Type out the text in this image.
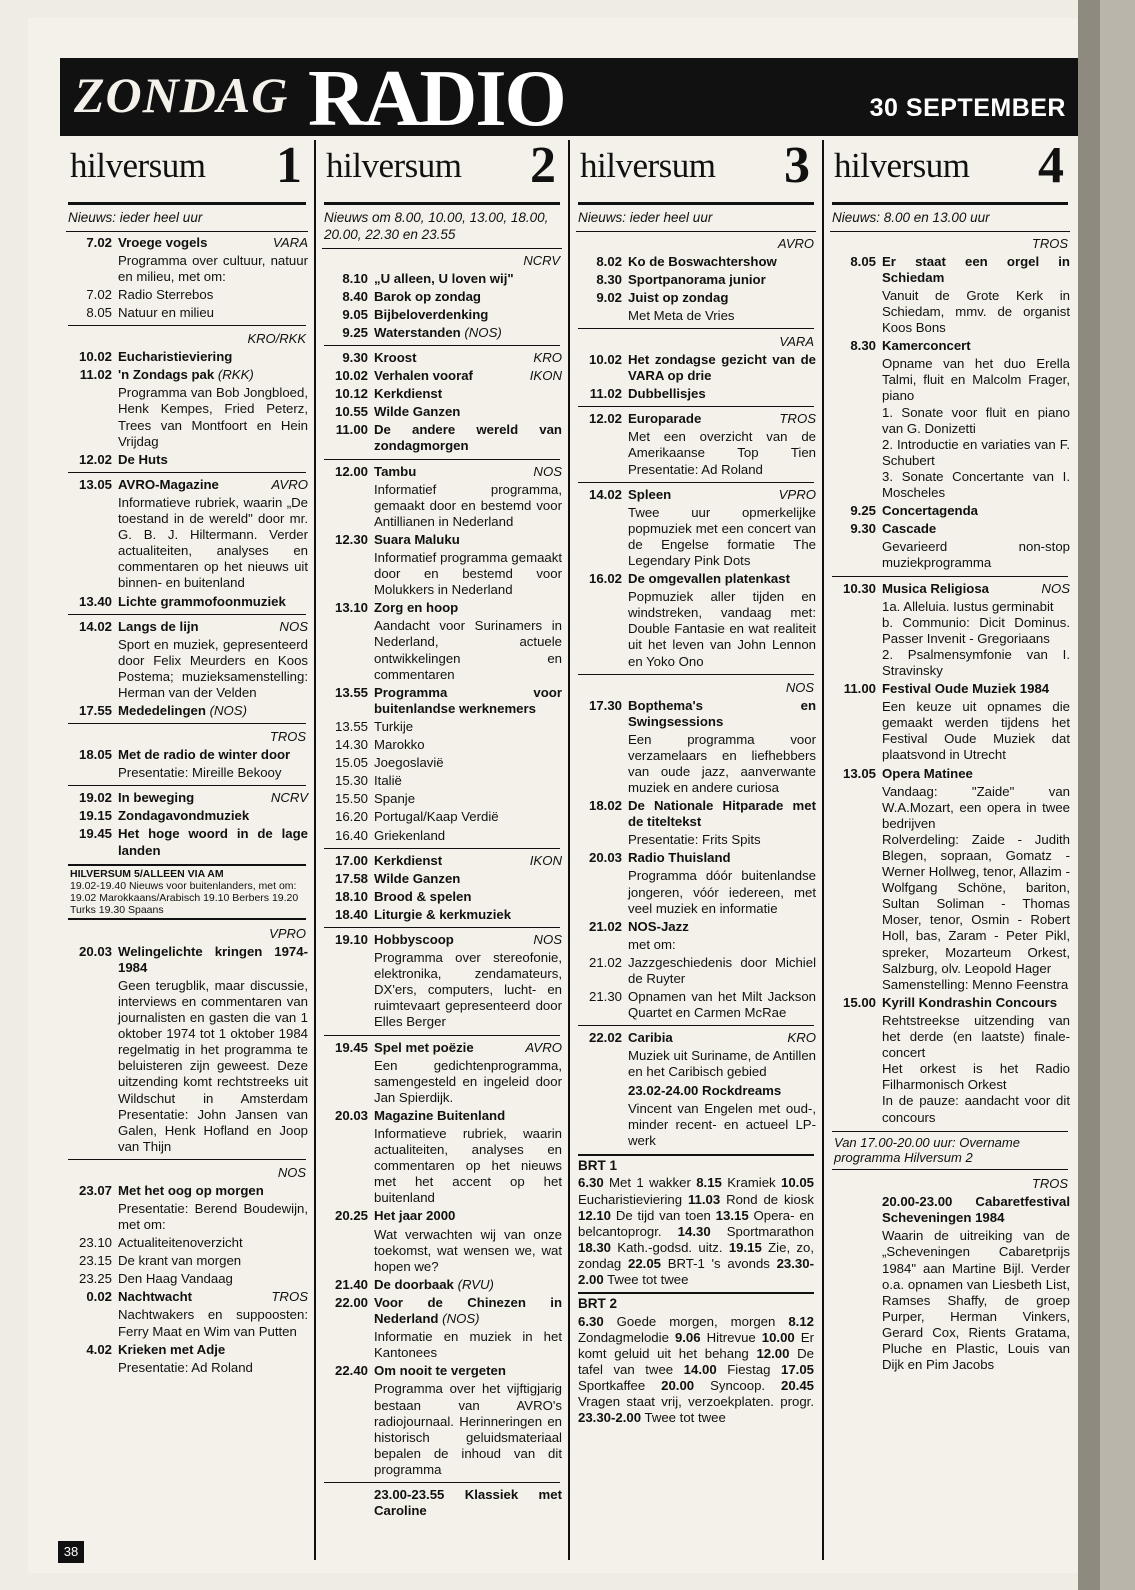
ZONDAG RADIO	30 SEPTEMBER
hilversum 1
Nieuws: ieder heel uur
7.02 Vroege vogels	VARA
Programma over cultuur, natuur en milieu, met om:
7.02 Radio Sterrebos
8.05 Natuur en milieu
KRO/RKK
10.02 Eucharistieviering
11.02 'n Zondags pak (RKK)
Programma van Bob Jongbloed, Henk Kempes, Fried Peterz, Trees van Montfoort en Hein Vrijdag
12.02 De Huts
13.05 AVRO-Magazine	AVRO
Informatieve rubriek, waarin „De toestand in de wereld" door mr. G. B. J. Hiltermann. Verder actualiteiten, analyses en commentaren op het nieuws uit binnen- en buitenland
13.40 Lichte grammofoonmuziek
14.02 Langs de lijn	NOS
Sport en muziek, gepresenteerd door Felix Meurders en Koos Postema; muzieksamenstelling: Herman van der Velden
17.55 Mededelingen (NOS)
TROS
18.05 Met de radio de winter door
Presentatie: Mireille Bekooy
19.02 In beweging	NCRV
19.15 Zondagavondmuziek
19.45 Het hoge woord in de lage landen
HILVERSUM 5/ALLEEN VIA AM
19.02-19.40 Nieuws voor buitenlanders, met om: 19.02 Marokkaans/Arabisch 19.10 Berbers 19.20 Turks 19.30 Spaans
VPRO
20.03 Welingelichte kringen 1974-1984
Geen terugblik, maar discussie, interviews en commentaren van journalisten en gasten die van 1 oktober 1974 tot 1 oktober 1984 regelmatig in het programma te beluisteren zijn geweest. Deze uitzending komt rechtstreeks uit Wildschut in Amsterdam Presentatie: John Jansen van Galen, Henk Hofland en Joop van Thijn
NOS
23.07 Met het oog op morgen
Presentatie: Berend Boudewijn, met om:
23.10 Actualiteitenoverzicht
23.15 De krant van morgen
23.25 Den Haag Vandaag
0.02 Nachtwacht	TROS
Nachtwakers en suppoosten: Ferry Maat en Wim van Putten
4.02 Krieken met Adje
Presentatie: Ad Roland
hilversum 2
Nieuws om 8.00, 10.00, 13.00, 18.00, 20.00, 22.30 en 23.55
NCRV
8.10 „U alleen, U loven wij"
8.40 Barok op zondag
9.05 Bijbeloverdenking
9.25 Waterstanden (NOS)
9.30 Kroost	KRO
10.02 Verhalen vooraf	IKON
10.12 Kerkdienst
10.55 Wilde Ganzen
11.00 De andere wereld van zondagmorgen
12.00 Tambu	NOS
Informatief programma, gemaakt door en bestemd voor Antillianen in Nederland
12.30 Suara Maluku
Informatief programma gemaakt door en bestemd voor Molukkers in Nederland
13.10 Zorg en hoop
Aandacht voor Surinamers in Nederland, actuele ontwikkelingen en commentaren
13.55 Programma voor buitenlandse werknemers
13.55 Turkije
14.30 Marokko
15.05 Joegoslavië
15.30 Italië
15.50 Spanje
16.20 Portugal/Kaap Verdië
16.40 Griekenland
17.00 Kerkdienst	IKON
17.58 Wilde Ganzen
18.10 Brood & spelen
18.40 Liturgie & kerkmuziek
19.10 Hobbyscoop	NOS
Programma over stereofonie, elektronika, zendamateurs, DX'ers, computers, lucht- en ruimtevaart gepresenteerd door Elles Berger
19.45 Spel met poëzie	AVRO
Een gedichtenprogramma, samengesteld en ingeleid door Jan Spierdijk.
20.03 Magazine Buitenland
Informatieve rubriek, waarin actualiteiten, analyses en commentaren op het nieuws met het accent op het buitenland
20.25 Het jaar 2000
Wat verwachten wij van onze toekomst, wat wensen we, wat hopen we?
21.40 De doorbaak (RVU)
22.00 Voor de Chinezen in Nederland (NOS)
Informatie en muziek in het Kantonees
22.40 Om nooit te vergeten
Programma over het vijftigjarig bestaan van AVRO's radiojournaal. Herinneringen en historisch geluidsmateriaal bepalen de inhoud van dit programma
23.00-23.55 Klassiek met Caroline
hilversum 3
Nieuws: ieder heel uur
AVRO
8.02 Ko de Boswachtershow
8.30 Sportpanorama junior
9.02 Juist op zondag
Met Meta de Vries
VARA
10.02 Het zondagse gezicht van de VARA op drie
11.02 Dubbellisjes
12.02 Europarade	TROS
Met een overzicht van de Amerikaanse Top Tien Presentatie: Ad Roland
14.02 Spleen	VPRO
Twee uur opmerkelijke popmuziek met een concert van de Engelse formatie The Legendary Pink Dots
16.02 De omgevallen platenkast
Popmuziek aller tijden en windstreken, vandaag met: Double Fantasie en wat realiteit uit het leven van John Lennon en Yoko Ono
NOS
17.30 Bopthema's en Swingsessions
Een programma voor verzamelaars en liefhebbers van oude jazz, aanverwante muziek en andere curiosa
18.02 De Nationale Hitparade met de titeltekst
Presentatie: Frits Spits
20.03 Radio Thuisland
Programma dóór buitenlandse jongeren, vóór iedereen, met veel muziek en informatie
21.02 NOS-Jazz
met om:
21.02 Jazzgeschiedenis door Michiel de Ruyter
21.30 Opnamen van het Milt Jackson Quartet en Carmen McRae
22.02 Caribia	KRO
Muziek uit Suriname, de Antillen en het Caribisch gebied
23.02-24.00 Rockdreams
Vincent van Engelen met oud-, minder recent- en actueel LP-werk
BRT 1

6.30 Met 1 wakker 8.15 Kramiek 10.05 Eucharistieviering 11.03 Rond de kiosk 12.10 De tijd van toen 13.15 Opera- en belcantoprogr. 14.30 Sportmarathon 18.30 Kath.-godsd. uitz. 19.15 Zie, zo, zondag 22.05 BRT-1 's avonds 23.30-2.00 Twee tot twee

BRT 2

6.30 Goede morgen, morgen 8.12 Zondagmelodie 9.06 Hitrevue 10.00 Er komt geluid uit het behang 12.00 De tafel van twee 14.00 Fiestag 17.05 Sportkaffee 20.00 Syncoop. 20.45 Vragen staat vrij, verzoekplaten. progr. 23.30-2.00 Twee tot twee

hilversum 4
Nieuws: 8.00 en 13.00 uur
TROS
8.05 Er staat een orgel in Schiedam
Vanuit de Grote Kerk in Schiedam, mmv. de organist Koos Bons
8.30 Kamerconcert
Opname van het duo Erella Talmi, fluit en Malcolm Frager, piano
1. Sonate voor fluit en piano van G. Donizetti
2. Introductie en variaties van F. Schubert
3. Sonate Concertante van I. Moscheles
9.25 Concertagenda
9.30 Cascade
Gevarieerd non-stop muziekprogramma
10.30 Musica Religiosa	NOS
1a. Alleluia. Iustus germinabit
b. Communio: Dicit Dominus. Passer Invenit - Gregoriaans
2. Psalmensymfonie van I. Stravinsky
11.00 Festival Oude Muziek 1984
Een keuze uit opnames die gemaakt werden tijdens het Festival Oude Muziek dat plaatsvond in Utrecht
13.05 Opera Matinee
Vandaag: "Zaide" van W.A.Mozart, een opera in twee bedrijven
Rolverdeling: Zaide - Judith Blegen, sopraan, Gomatz - Werner Hollweg, tenor, Allazim - Wolfgang Schöne, bariton, Sultan Soliman - Thomas Moser, tenor, Osmin - Robert Holl, bas, Zaram - Peter Pikl, spreker, Mozarteum Orkest, Salzburg, olv. Leopold Hager
Samenstelling: Menno Feenstra
15.00 Kyrill Kondrashin Concours
Rehtstreekse uitzending van het derde (en laatste) finale-concert
Het orkest is het Radio Filharmonisch Orkest
In de pauze: aandacht voor dit concours
Van 17.00-20.00 uur: Overname programma Hilversum 2
TROS
20.00-23.00 Cabaretfestival Scheveningen 1984
Waarin de uitreiking van de „Scheveningen Cabaretprijs 1984" aan Martine Bijl. Verder o.a. opnamen van Liesbeth List, Ramses Shaffy, de groep Purper, Herman Vinkers, Gerard Cox, Rients Gratama, Pluche en Plastic, Louis van Dijk en Pim Jacobs
38
